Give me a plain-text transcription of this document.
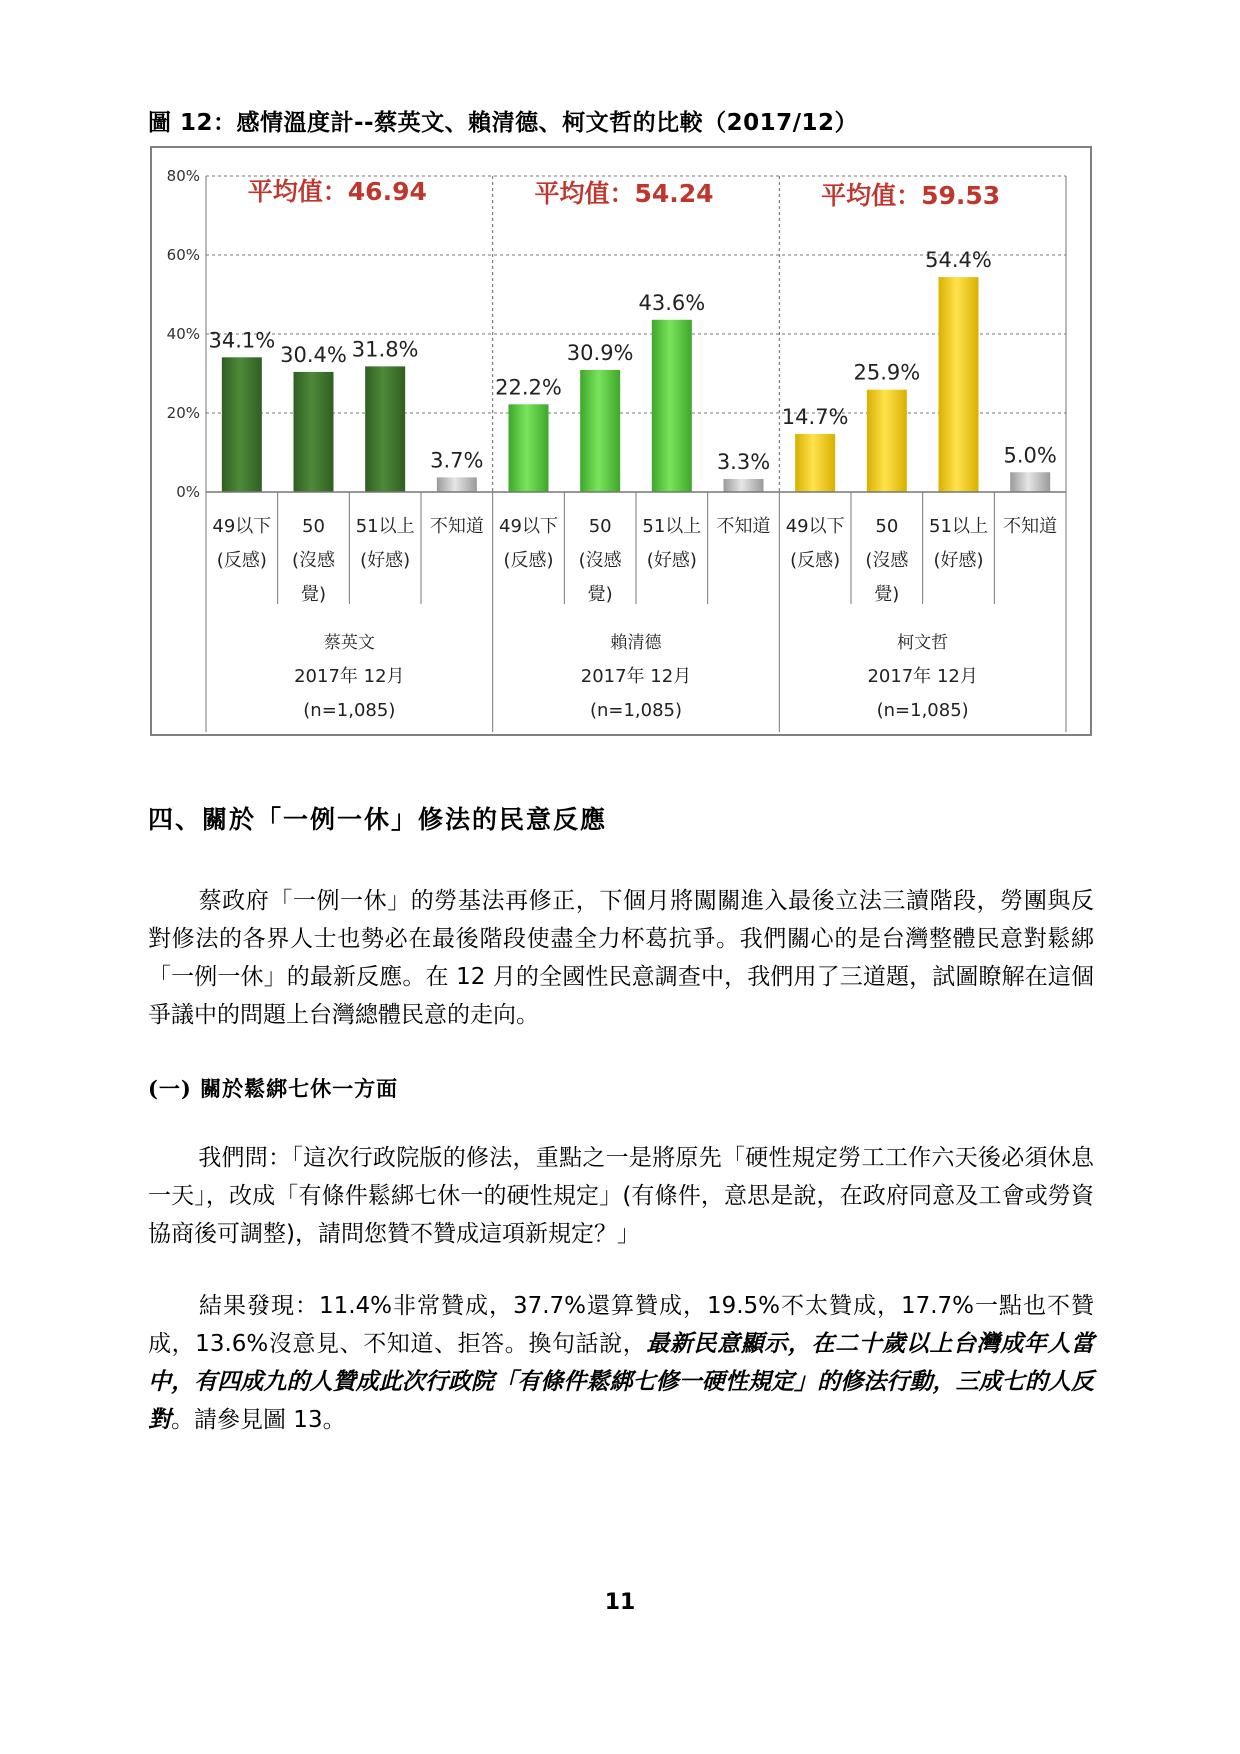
圖 12：感情溫度計--蔡英文、賴清德、柯文哲的比較（2017/12）

0%
20%
40%
60%
80%
平均值：46.94
34.1%
49以下
(反感)
30.4%
50
(沒感
覺)
31.8%
51以上
(好感)
3.7%
不知道
蔡英文
2017年 12月
(n=1,085)
平均值：54.24
22.2%
49以下
(反感)
30.9%
50
(沒感
覺)
43.6%
51以上
(好感)
3.3%
不知道
賴清德
2017年 12月
(n=1,085)
平均值：59.53
14.7%
49以下
(反感)
25.9%
50
(沒感
覺)
54.4%
51以上
(好感)
5.0%
不知道
柯文哲
2017年 12月
(n=1,085)
四、關於「一例一休」修法的民意反應

蔡政府「一例一休」的勞基法再修正，下個月將闖關進入最後立法三讀階段，勞團與反對修法的各界人士也勢必在最後階段使盡全力杯葛抗爭。我們關心的是台灣整體民意對鬆綁「一例一休」的最新反應。在 12 月的全國性民意調查中，我們用了三道題，試圖瞭解在這個爭議中的問題上台灣總體民意的走向。

(一) 關於鬆綁七休一方面

我們問：「這次行政院版的修法，重點之一是將原先「硬性規定勞工工作六天後必須休息一天」，改成「有條件鬆綁七休一的硬性規定」(有條件，意思是說，在政府同意及工會或勞資協商後可調整)，請問您贊不贊成這項新規定？」

結果發現：11.4%非常贊成，37.7%還算贊成，19.5%不太贊成，17.7%一點也不贊成，13.6%沒意見、不知道、拒答。換句話說，最新民意顯示，在二十歲以上台灣成年人當中，有四成九的人贊成此次行政院「有條件鬆綁七修一硬性規定」的修法行動，三成七的人反對。請參見圖 13。

11
